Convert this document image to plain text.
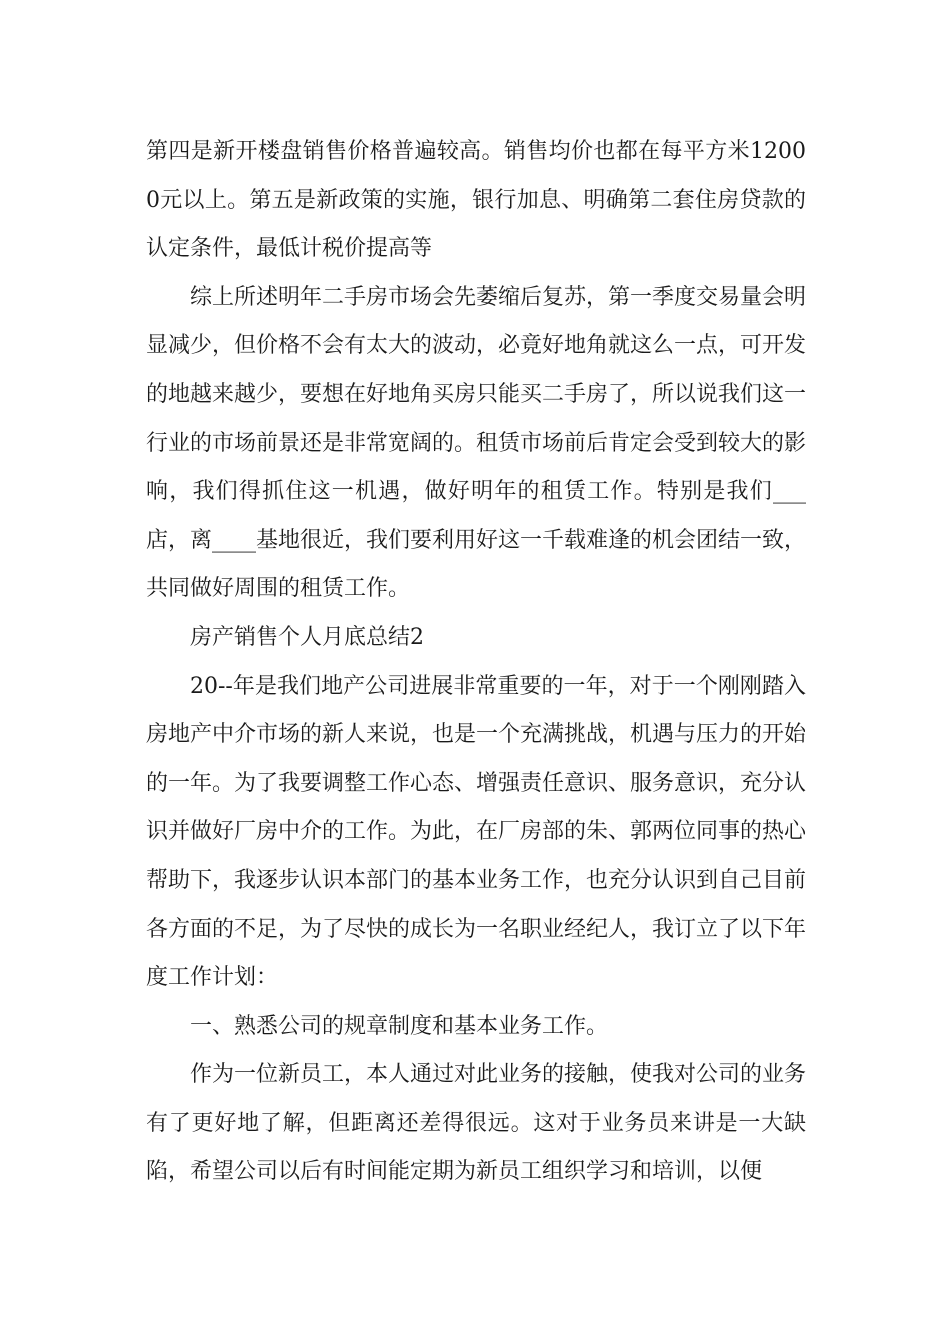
第四是新开楼盘销售价格普遍较高。销售均价也都在每平方米12000元以上。第五是新政策的实施，银行加息、明确第二套住房贷款的认定条件，最低计税价提高等

综上所述明年二手房市场会先萎缩后复苏，第一季度交易量会明显减少，但价格不会有太大的波动，必竟好地角就这么一点，可开发的地越来越少，要想在好地角买房只能买二手房了，所以说我们这一行业的市场前景还是非常宽阔的。租赁市场前后肯定会受到较大的影响，我们得抓住这一机遇，做好明年的租赁工作。特别是我们___店，离____基地很近，我们要利用好这一千载难逢的机会团结一致，共同做好周围的租赁工作。

房产销售个人月底总结2

20--年是我们地产公司进展非常重要的一年，对于一个刚刚踏入房地产中介市场的新人来说，也是一个充满挑战，机遇与压力的开始的一年。为了我要调整工作心态、增强责任意识、服务意识，充分认识并做好厂房中介的工作。为此，在厂房部的朱、郭两位同事的热心帮助下，我逐步认识本部门的基本业务工作，也充分认识到自己目前各方面的不足，为了尽快的成长为一名职业经纪人，我订立了以下年度工作计划：

一、熟悉公司的规章制度和基本业务工作。

作为一位新员工，本人通过对此业务的接触，使我对公司的业务有了更好地了解，但距离还差得很远。这对于业务员来讲是一大缺陷，希望公司以后有时间能定期为新员工组织学习和培训，以便
